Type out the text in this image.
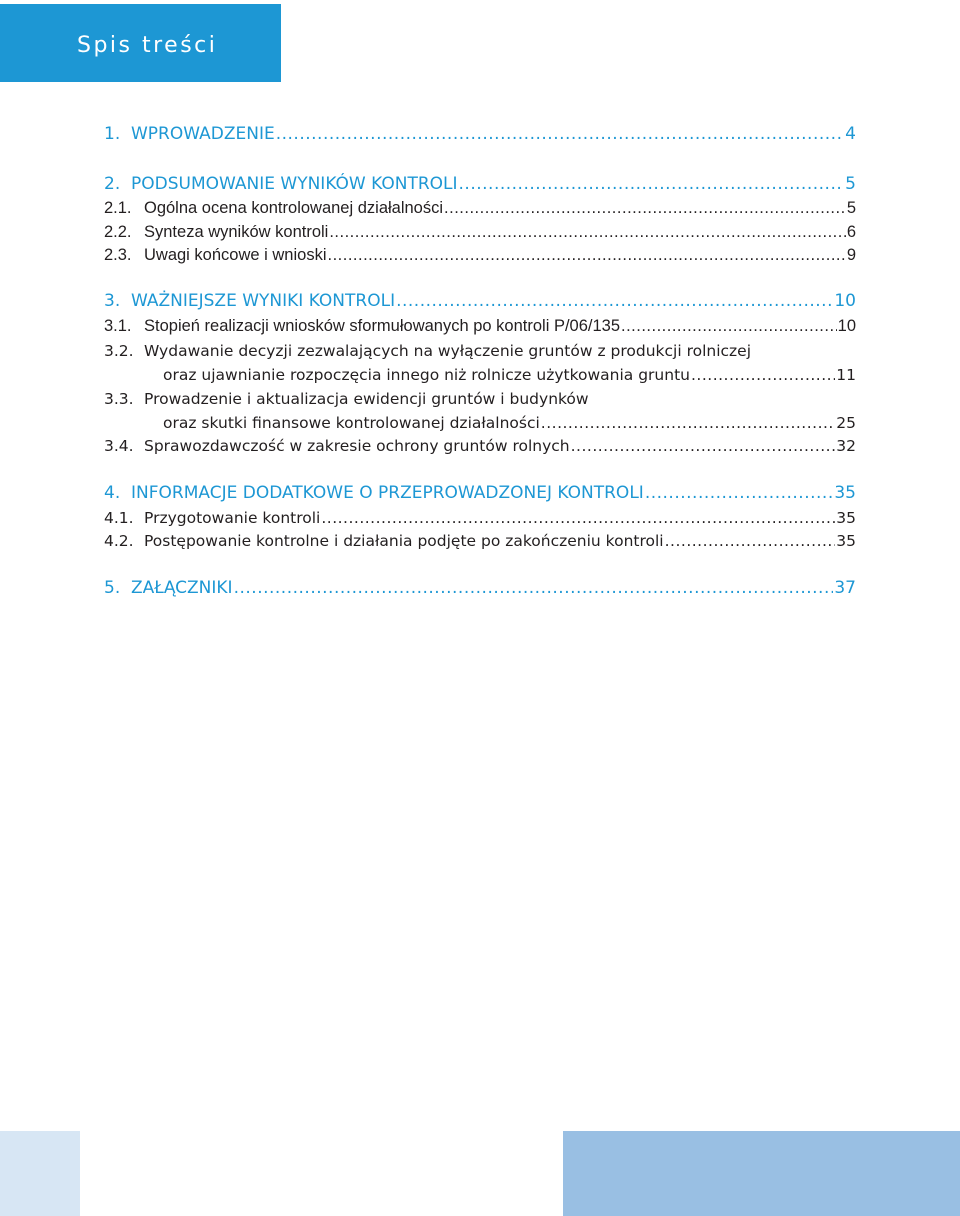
Spis treści
1. WPROWADZENIE .....	4
2. PODSUMOWANIE WYNIKÓW KONTROLI .....	5
2.1. Ogólna ocena kontrolowanej działalności .....	5
2.2. Synteza wyników kontroli .....	6
2.3. Uwagi końcowe i wnioski .....	9
3. WAŻNIEJSZE WYNIKI KONTROLI .....	10
3.1. Stopień realizacji wniosków sformułowanych po kontroli P/06/135 .....	10
3.2. Wydawanie decyzji zezwalających na wyłączenie gruntów z produkcji rolniczej
oraz ujawnianie rozpoczęcia innego niż rolnicze użytkowania gruntu .....	11
3.3. Prowadzenie i aktualizacja ewidencji gruntów i budynków
oraz skutki finansowe kontrolowanej działalności .....	25
3.4. Sprawozdawczość w zakresie ochrony gruntów rolnych .....	32
4. INFORMACJE DODATKOWE O PRZEPROWADZONEJ KONTROLI .....	35
4.1. Przygotowanie kontroli .....	35
4.2. Postępowanie kontrolne i działania podjęte po zakończeniu kontroli .....	35
5. ZAŁĄCZNIKI .....	37
